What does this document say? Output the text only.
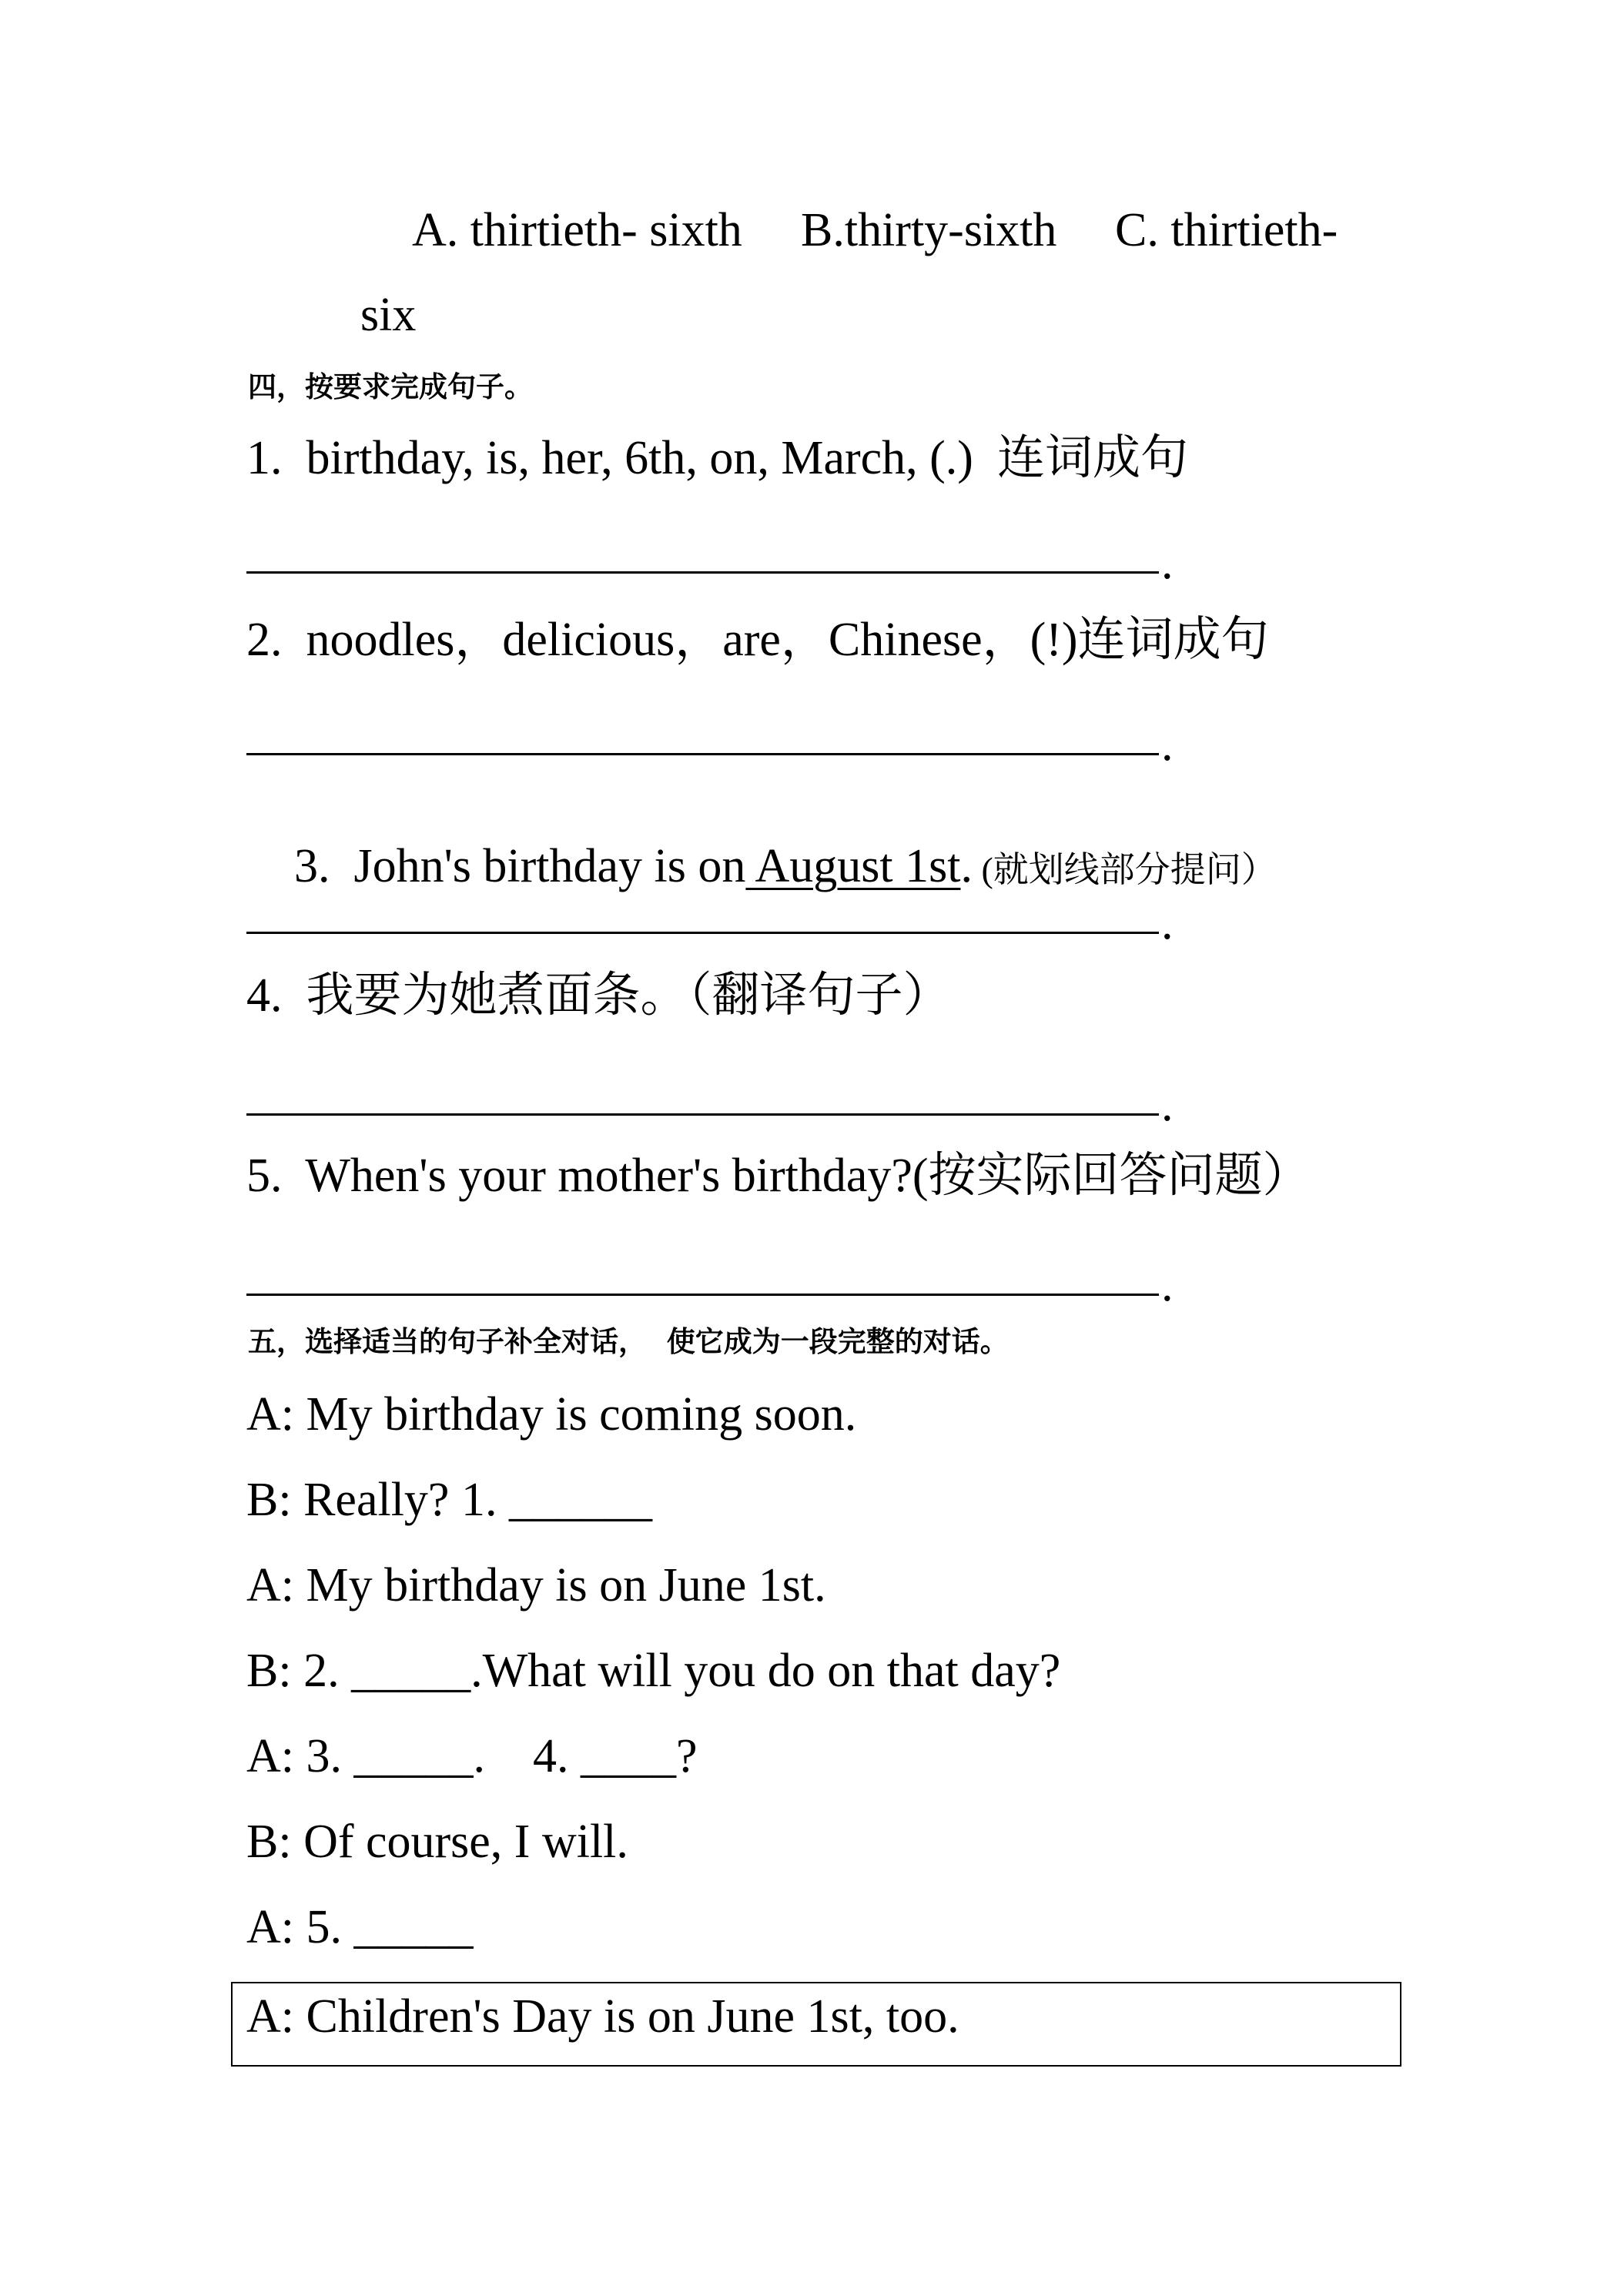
A. thirtieth- sixth B.thirty-sixth C. thirtieth-
six
四，按要求完成句子。
1.  birthday, is, her, 6th, on, March, (.)  连词成句
.
2.  noodles，delicious，are，Chinese，(!)连词成句
.

3.  John's birthday is on August 1st. (就划线部分提问）

.
4.  我要为她煮面条。（翻译句子）
.
5.  When's your mother's birthday?(按实际回答问题）
.
五，选择适当的句子补全对话，  使它成为一段完整的对话。
A: My birthday is coming soon.
B: Really? 1. ______
A: My birthday is on June 1st.
B: 2. _____.What will you do on that day?
A: 3. _____.    4. ____?
B: Of course, I will.
A: 5. _____
A: Children's Day is on June 1st, too.
